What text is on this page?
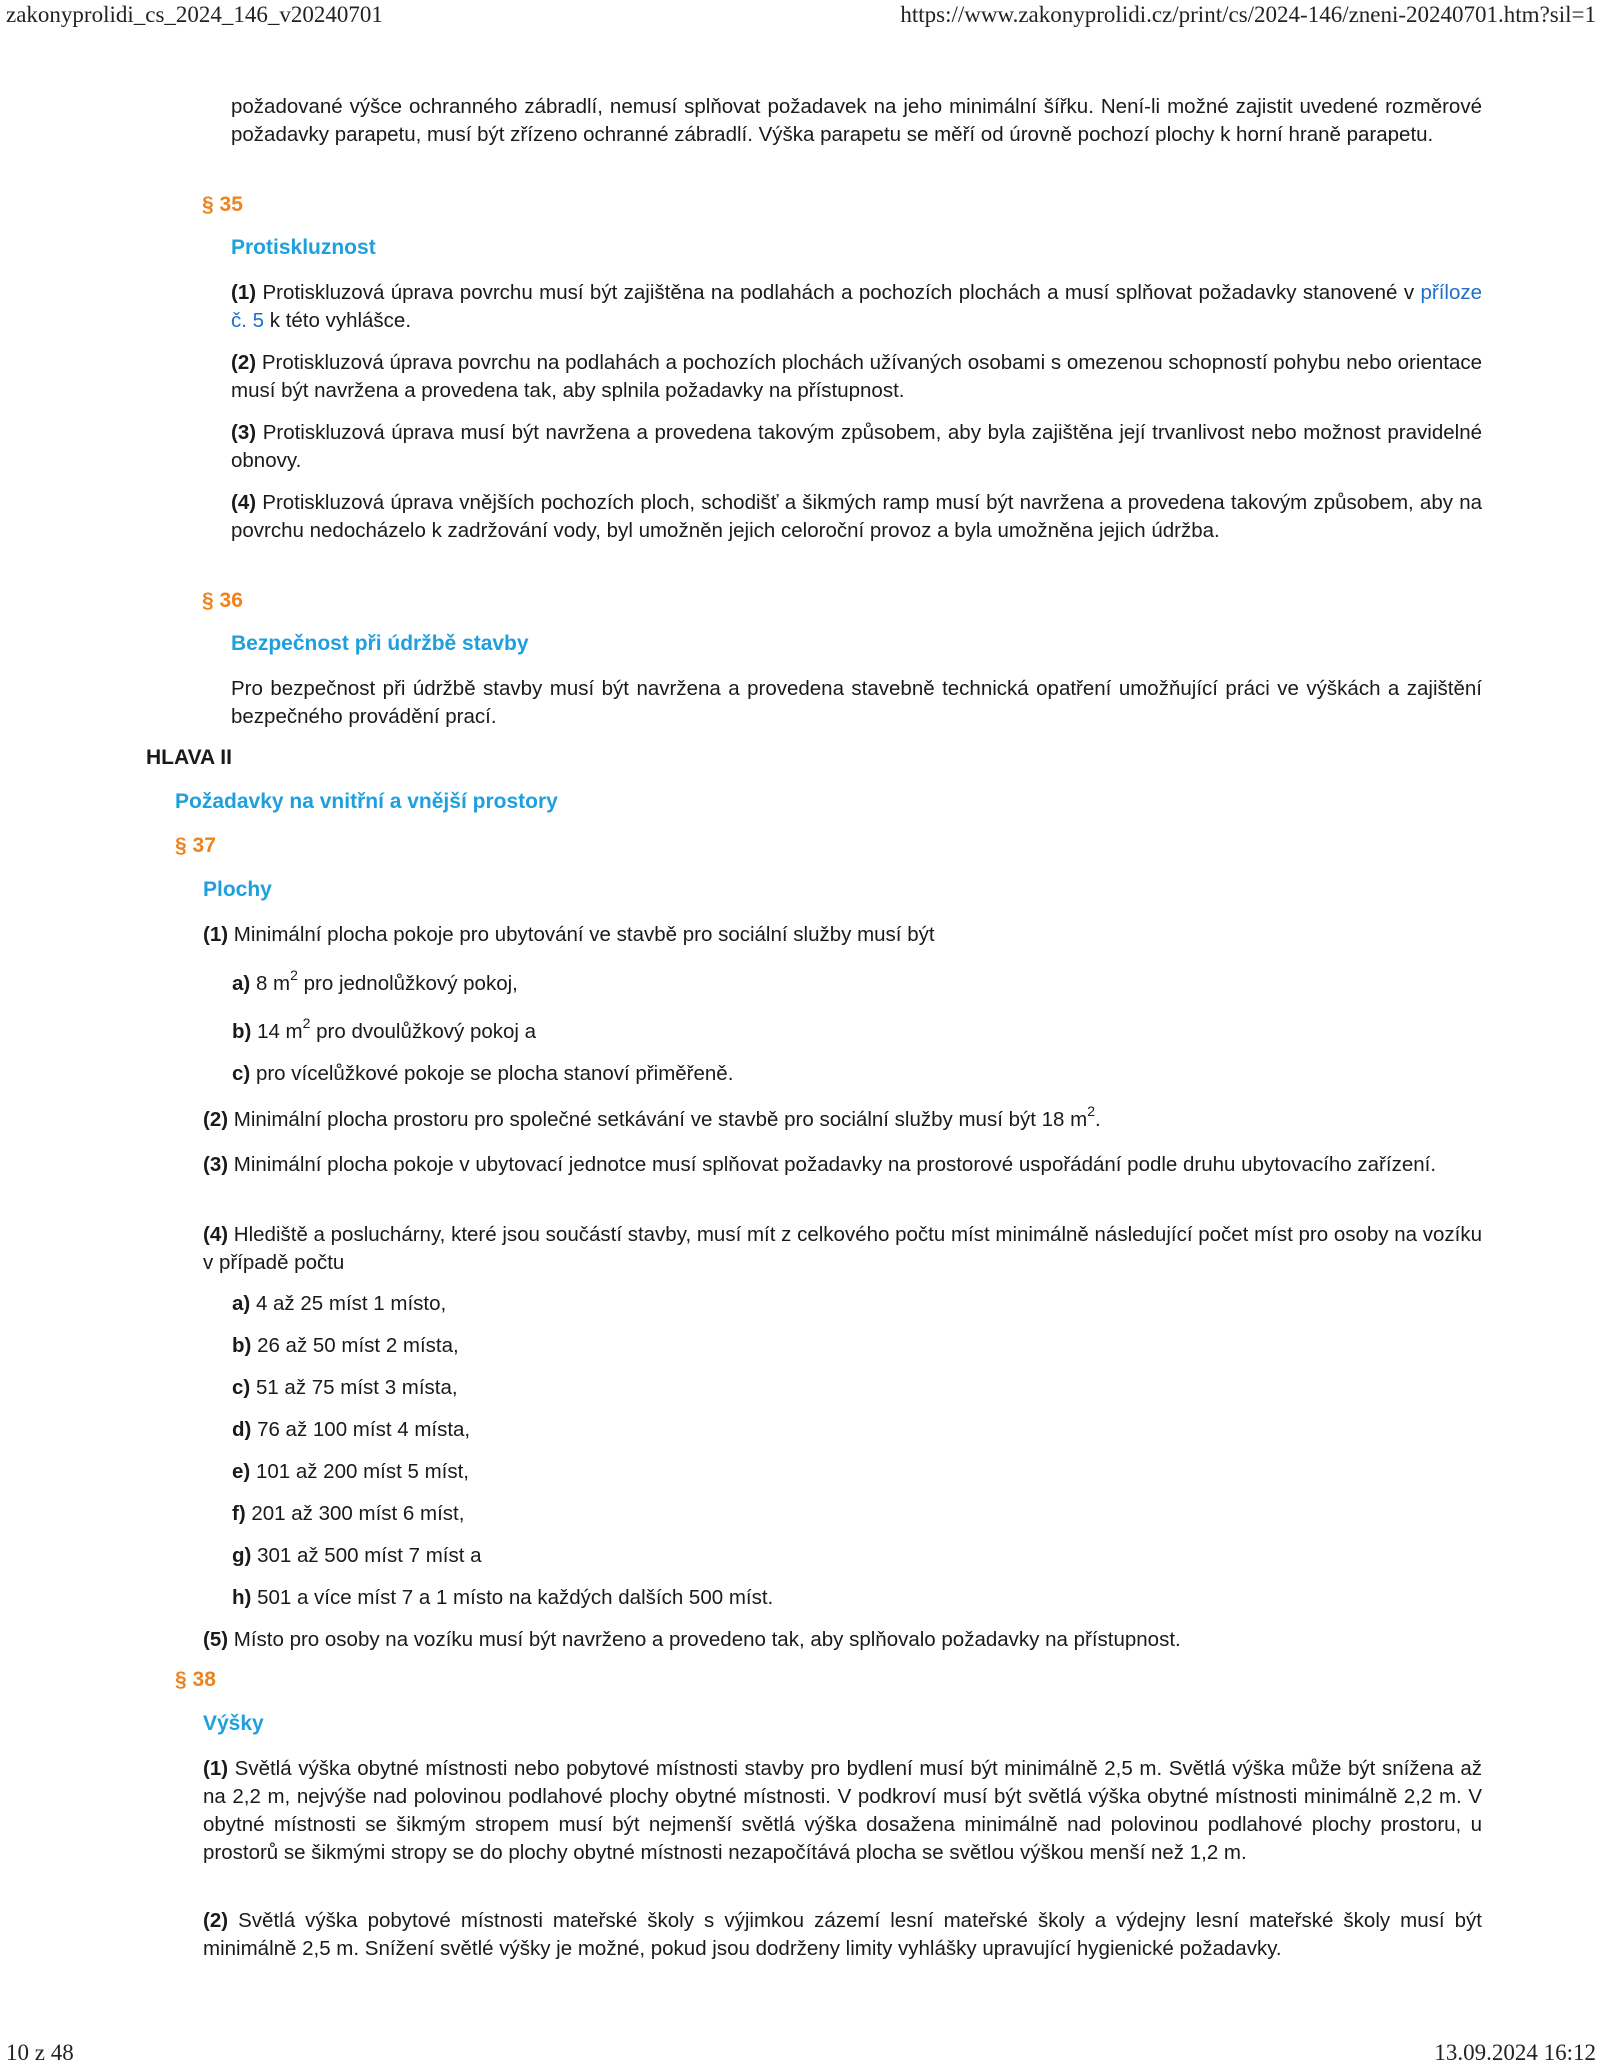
zakonyprolidi_cs_2024_146_v20240701	https://www.zakonyprolidi.cz/print/cs/2024-146/zneni-20240701.htm?sil=1

požadované výšce ochranného zábradlí, nemusí splňovat požadavek na jeho minimální šířku. Není-li možné zajistit uvedené rozměrové požadavky parapetu, musí být zřízeno ochranné zábradlí. Výška parapetu se měří od úrovně pochozí plochy k horní hraně parapetu.

§ 35
Protiskluznost

(1) Protiskluzová úprava povrchu musí být zajištěna na podlahách a pochozích plochách a musí splňovat požadavky stanovené v příloze č. 5 k této vyhlášce.

(2) Protiskluzová úprava povrchu na podlahách a pochozích plochách užívaných osobami s omezenou schopností pohybu nebo orientace musí být navržena a provedena tak, aby splnila požadavky na přístupnost.

(3) Protiskluzová úprava musí být navržena a provedena takovým způsobem, aby byla zajištěna její trvanlivost nebo možnost pravidelné obnovy.

(4) Protiskluzová úprava vnějších pochozích ploch, schodišť a šikmých ramp musí být navržena a provedena takovým způsobem, aby na povrchu nedocházelo k zadržování vody, byl umožněn jejich celoroční provoz a byla umožněna jejich údržba.

§ 36
Bezpečnost při údržbě stavby

Pro bezpečnost při údržbě stavby musí být navržena a provedena stavebně technická opatření umožňující práci ve výškách a zajištění bezpečného provádění prací.

HLAVA II
Požadavky na vnitřní a vnější prostory
§ 37
Plochy

(1) Minimální plocha pokoje pro ubytování ve stavbě pro sociální služby musí být

a) 8 $m^2$ pro jednolůžkový pokoj,
b) 14 $m^2$ pro dvoulůžkový pokoj a
c) pro vícelůžkové pokoje se plocha stanoví přiměřeně.

(2) Minimální plocha prostoru pro společné setkávání ve stavbě pro sociální služby musí být 18 $m^2$.

(3) Minimální plocha pokoje v ubytovací jednotce musí splňovat požadavky na prostorové uspořádání podle druhu ubytovacího zařízení.

(4) Hlediště a posluchárny, které jsou součástí stavby, musí mít z celkového počtu míst minimálně následující počet míst pro osoby na vozíku v případě počtu

a) 4 až 25 míst 1 místo,
b) 26 až 50 míst 2 místa,
c) 51 až 75 míst 3 místa,
d) 76 až 100 míst 4 místa,
e) 101 až 200 míst 5 míst,
f) 201 až 300 míst 6 míst,
g) 301 až 500 míst 7 míst a
h) 501 a více míst 7 a 1 místo na každých dalších 500 míst.

(5) Místo pro osoby na vozíku musí být navrženo a provedeno tak, aby splňovalo požadavky na přístupnost.

§ 38
Výšky

(1) Světlá výška obytné místnosti nebo pobytové místnosti stavby pro bydlení musí být minimálně 2,5 m. Světlá výška může být snížena až na 2,2 m, nejvýše nad polovinou podlahové plochy obytné místnosti. V podkroví musí být světlá výška obytné místnosti minimálně 2,2 m. V obytné místnosti se šikmým stropem musí být nejmenší světlá výška dosažena minimálně nad polovinou podlahové plochy prostoru, u prostorů se šikmými stropy se do plochy obytné místnosti nezapočítává plocha se světlou výškou menší než 1,2 m.

(2) Světlá výška pobytové místnosti mateřské školy s výjimkou zázemí lesní mateřské školy a výdejny lesní mateřské školy musí být minimálně 2,5 m. Snížení světlé výšky je možné, pokud jsou dodrženy limity vyhlášky upravující hygienické požadavky.

10 z 48	13.09.2024 16:12
